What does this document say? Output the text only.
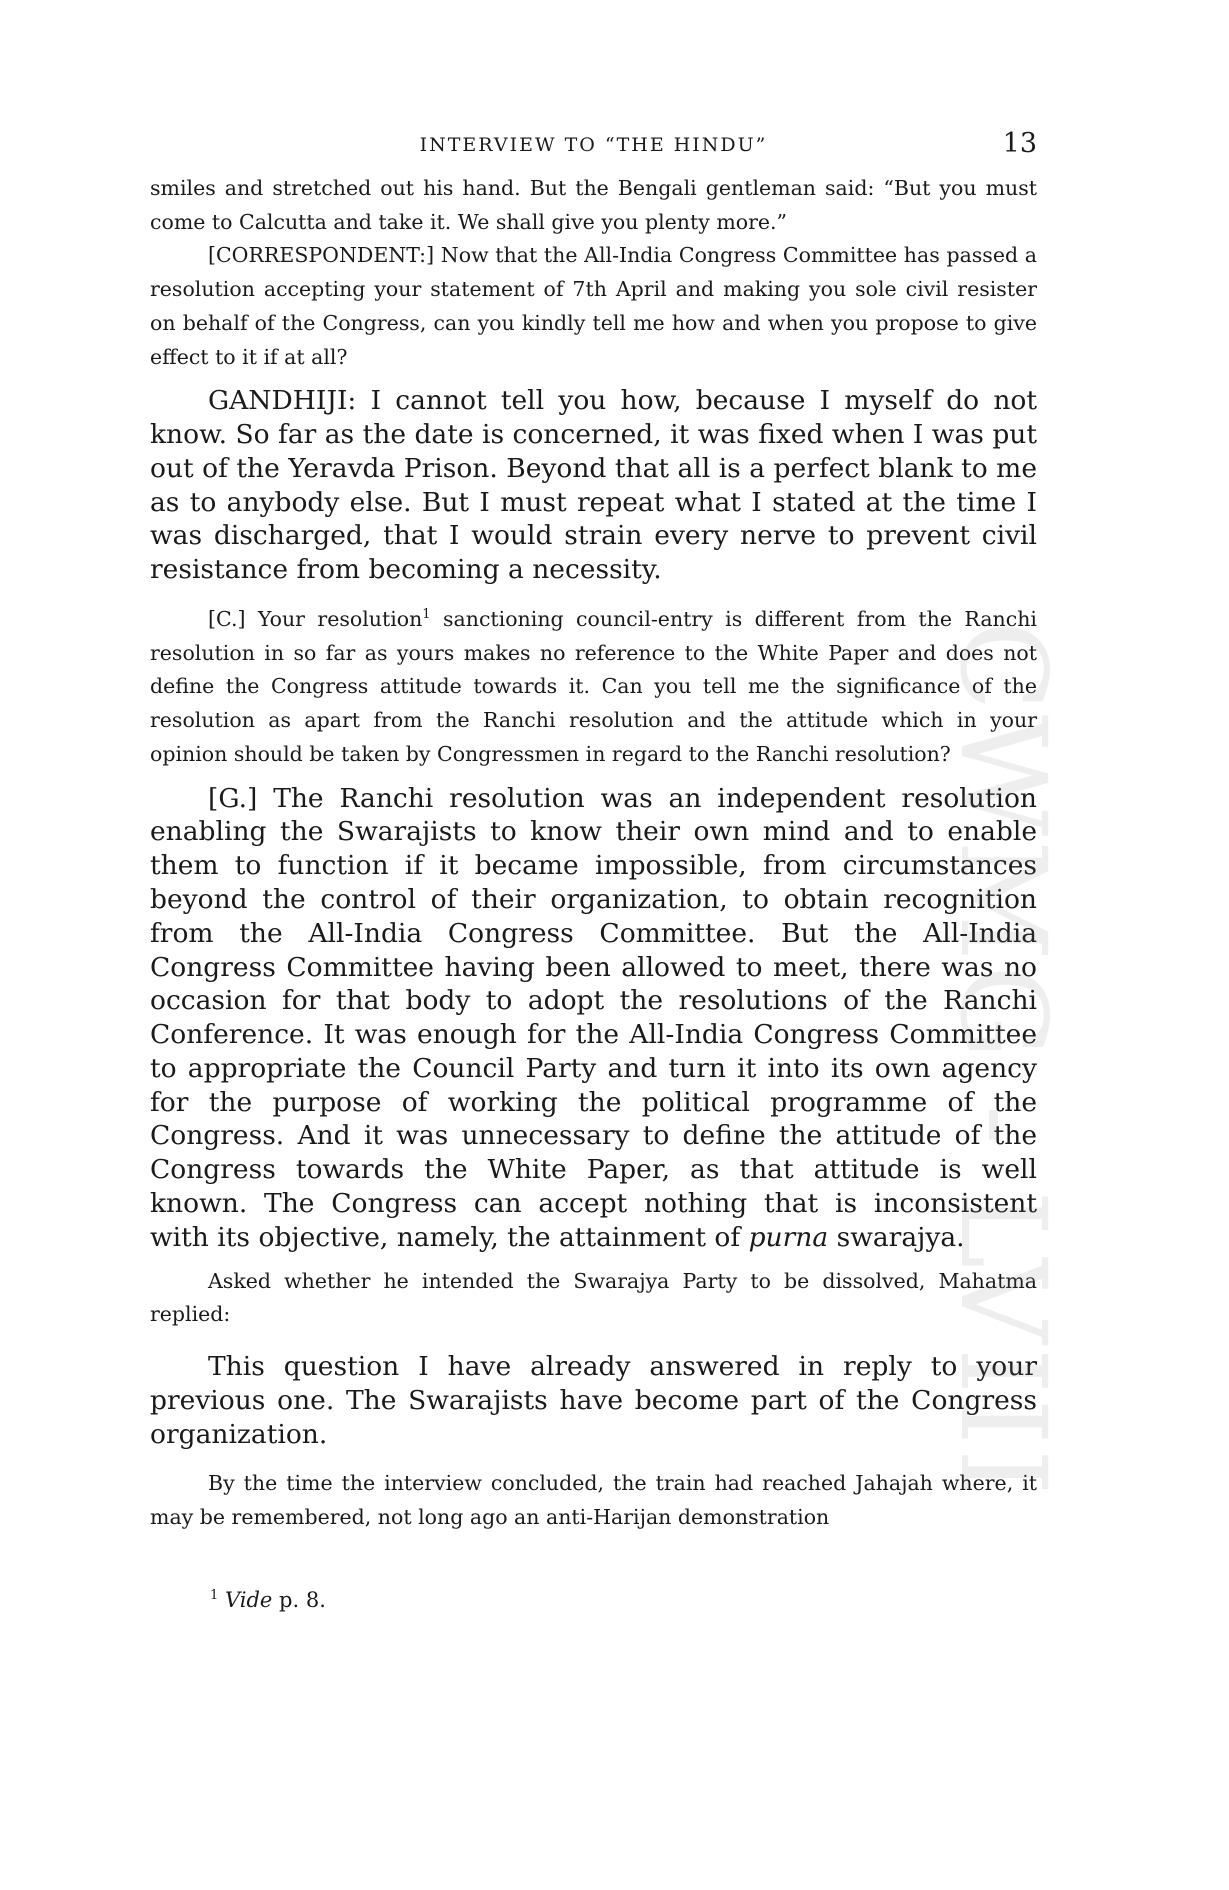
INTERVIEW TO “THE HINDU”	13

smiles and stretched out his hand. But the Bengali gentleman said: “But you must come to Calcutta and take it. We shall give you plenty more.”

[CORRESPONDENT:] Now that the All-India Congress Committee has passed a resolution accepting your statement of 7th April and making you sole civil resister on behalf of the Congress, can you kindly tell me how and when you propose to give effect to it if at all?

GANDHIJI: I cannot tell you how, because I myself do not know. So far as the date is concerned, it was fixed when I was put out of the Yeravda Prison. Beyond that all is a perfect blank to me as to anybody else. But I must repeat what I stated at the time I was discharged, that I would strain every nerve to prevent civil resistance from becoming a necessity.

[C.] Your resolution$^1$ sanctioning council-entry is different from the Ranchi resolution in so far as yours makes no reference to the White Paper and does not define the Congress attitude towards it. Can you tell me the significance of the resolution as apart from the Ranchi resolution and the attitude which in your opinion should be taken by Congressmen in regard to the Ranchi resolution?

[G.] The Ranchi resolution was an independent resolution enabling the Swarajists to know their own mind and to enable them to function if it became impossible, from circumstances beyond the control of their organization, to obtain recognition from the All-India Congress Committee. But the All-India Congress Committee having been allowed to meet, there was no occasion for that body to adopt the resolutions of the Ranchi Conference. It was enough for the All-India Congress Committee to appropriate the Council Party and turn it into its own agency for the purpose of working the political programme of the Congress. And it was unnecessary to define the attitude of the Congress towards the White Paper, as that attitude is well known. The Congress can accept nothing that is inconsistent with its objective, namely, the attainment of purna swarajya.

Asked whether he intended the Swarajya Party to be dissolved, Mahatma replied:

This question I have already answered in reply to your previous one. The Swarajists have become part of the Congress organization.

By the time the interview concluded, the train had reached Jahajah where, it may be remembered, not long ago an anti-Harijan demonstration

$^1$ Vide p. 8.
CWMG - LVIII
